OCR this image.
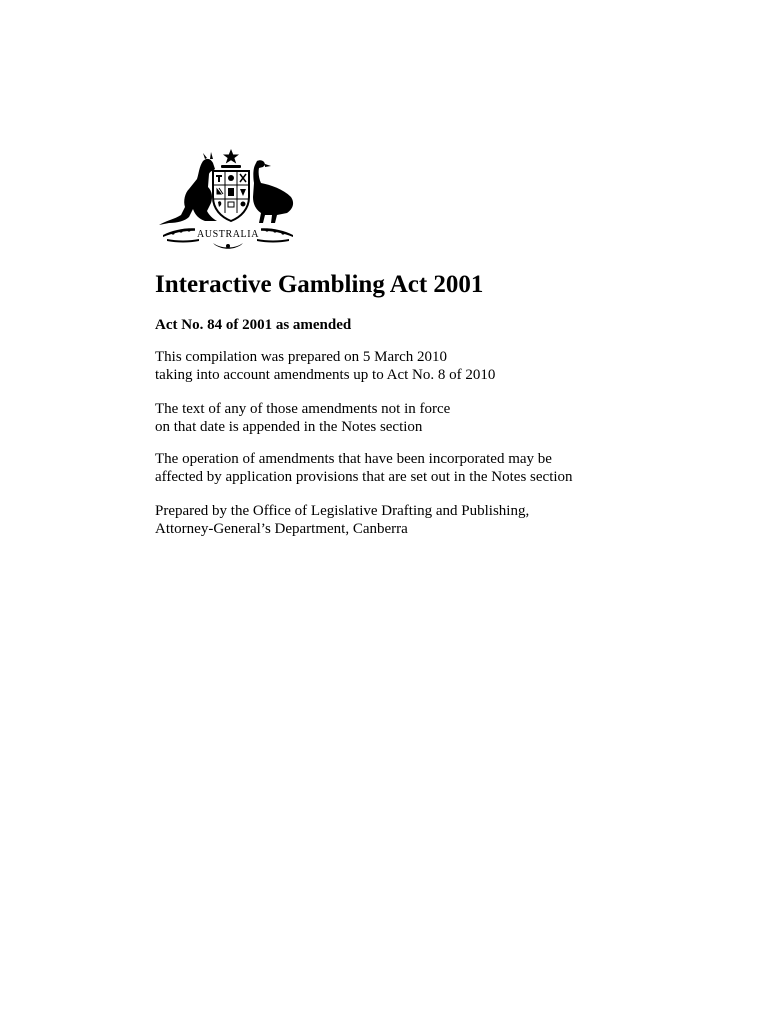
AUSTRALIA
Interactive Gambling Act 2001

Act No. 84 of 2001 as amended

This compilation was prepared on 5 March 2010
taking into account amendments up to Act No. 8 of 2010

The text of any of those amendments not in force
on that date is appended in the Notes section

The operation of amendments that have been incorporated may be
affected by application provisions that are set out in the Notes section

Prepared by the Office of Legislative Drafting and Publishing,
Attorney-General’s Department, Canberra
